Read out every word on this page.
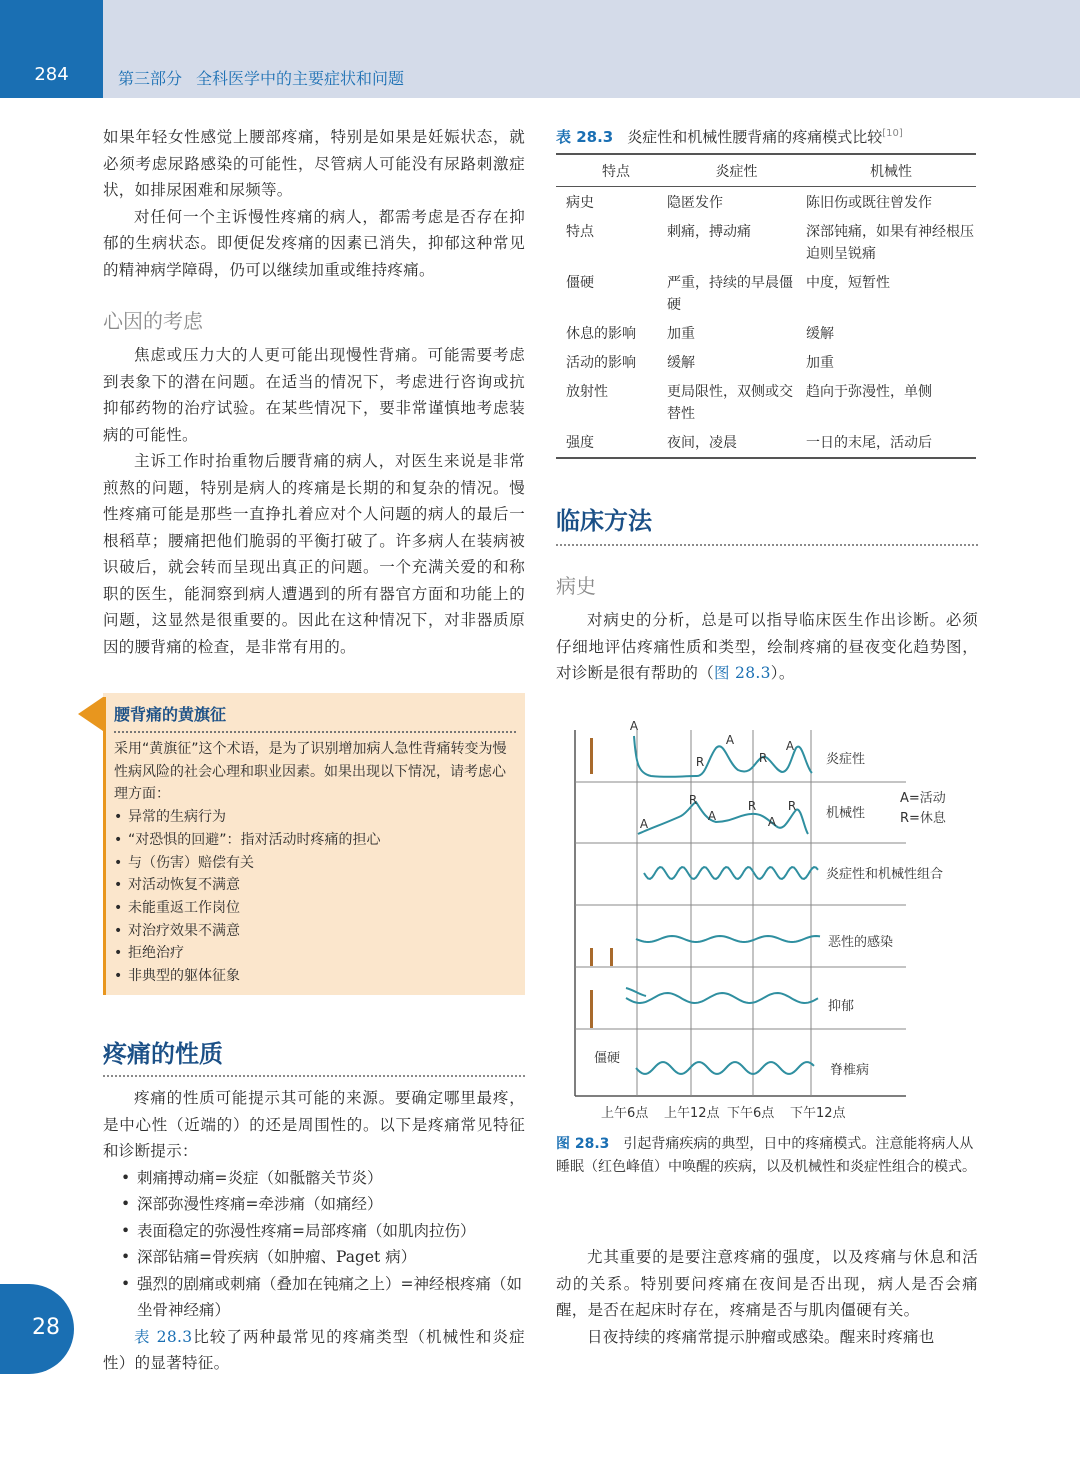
284	第三部分 全科医学中的主要症状和问题

如果年轻女性感觉上腰部疼痛，特别是如果是妊娠状态，就必须考虑尿路感染的可能性，尽管病人可能没有尿路刺激症状，如排尿困难和尿频等。

对任何一个主诉慢性疼痛的病人，都需考虑是否存在抑郁的生病状态。即便促发疼痛的因素已消失，抑郁这种常见的精神病学障碍，仍可以继续加重或维持疼痛。

心因的考虑

焦虑或压力大的人更可能出现慢性背痛。可能需要考虑到表象下的潜在问题。在适当的情况下，考虑进行咨询或抗抑郁药物的治疗试验。在某些情况下，要非常谨慎地考虑装病的可能性。

主诉工作时抬重物后腰背痛的病人，对医生来说是非常煎熬的问题，特别是病人的疼痛是长期的和复杂的情况。慢性疼痛可能是那些一直挣扎着应对个人问题的病人的最后一根稻草；腰痛把他们脆弱的平衡打破了。许多病人在装病被识破后，就会转而呈现出真正的问题。一个充满关爱的和称职的医生，能洞察到病人遭遇到的所有器官方面和功能上的问题，这显然是很重要的。因此在这种情况下，对非器质原因的腰背痛的检查，是非常有用的。

腰背痛的黄旗征
采用“黄旗征”这个术语，是为了识别增加病人急性背痛转变为慢性病风险的社会心理和职业因素。如果出现以下情况，请考虑心理方面：
• 异常的生病行为
• “对恐惧的回避”：指对活动时疼痛的担心
• 与（伤害）赔偿有关
• 对活动恢复不满意
• 未能重返工作岗位
• 对治疗效果不满意
• 拒绝治疗
• 非典型的躯体征象

疼痛的性质

疼痛的性质可能提示其可能的来源。要确定哪里最疼，是中心性（近端的）的还是周围性的。以下是疼痛常见特征和诊断提示：

• 刺痛搏动痛=炎症（如骶髂关节炎）
• 深部弥漫性疼痛=牵涉痛（如痛经）
• 表面稳定的弥漫性疼痛=局部疼痛（如肌肉拉伤）
• 深部钻痛=骨疾病（如肿瘤、Paget 病）
• 强烈的剧痛或刺痛（叠加在钝痛之上）=神经根疼痛（如坐骨神经痛）

表 28.3比较了两种最常见的疼痛类型（机械性和炎症性）的显著特征。

28
表 28.3 炎症性和机械性腰背痛的疼痛模式比较[10]
特点	炎症性	机械性
病史	隐匿发作	陈旧伤或既往曾发作
特点	刺痛，搏动痛	深部钝痛，如果有神经根压迫则呈锐痛
僵硬	严重，持续的早晨僵硬	中度，短暂性
休息的影响	加重	缓解
活动的影响	缓解	加重
放射性	更局限性，双侧或交替性	趋向于弥漫性，单侧
强度	夜间，凌晨	一日的末尾，活动后

临床方法

病史

对病史的分析，总是可以指导临床医生作出诊断。必须仔细地评估疼痛性质和类型，绘制疼痛的昼夜变化趋势图，对诊断是很有帮助的（图 28.3）。

A
R
A
R
A
A
R
A
R
A
R
炎症性
机械性
A=活动
R=休息
炎症性和机械性组合
恶性的感染
抑郁
脊椎病
僵硬
上午6点 上午12点 下午6点 下午12点
图 28.3 引起背痛疾病的典型，日中的疼痛模式。注意能将病人从睡眠（红色峰值）中唤醒的疾病，以及机械性和炎症性组合的模式。

尤其重要的是要注意疼痛的强度，以及疼痛与休息和活动的关系。特别要问疼痛在夜间是否出现，病人是否会痛醒，是否在起床时存在，疼痛是否与肌肉僵硬有关。

日夜持续的疼痛常提示肿瘤或感染。醒来时疼痛也
